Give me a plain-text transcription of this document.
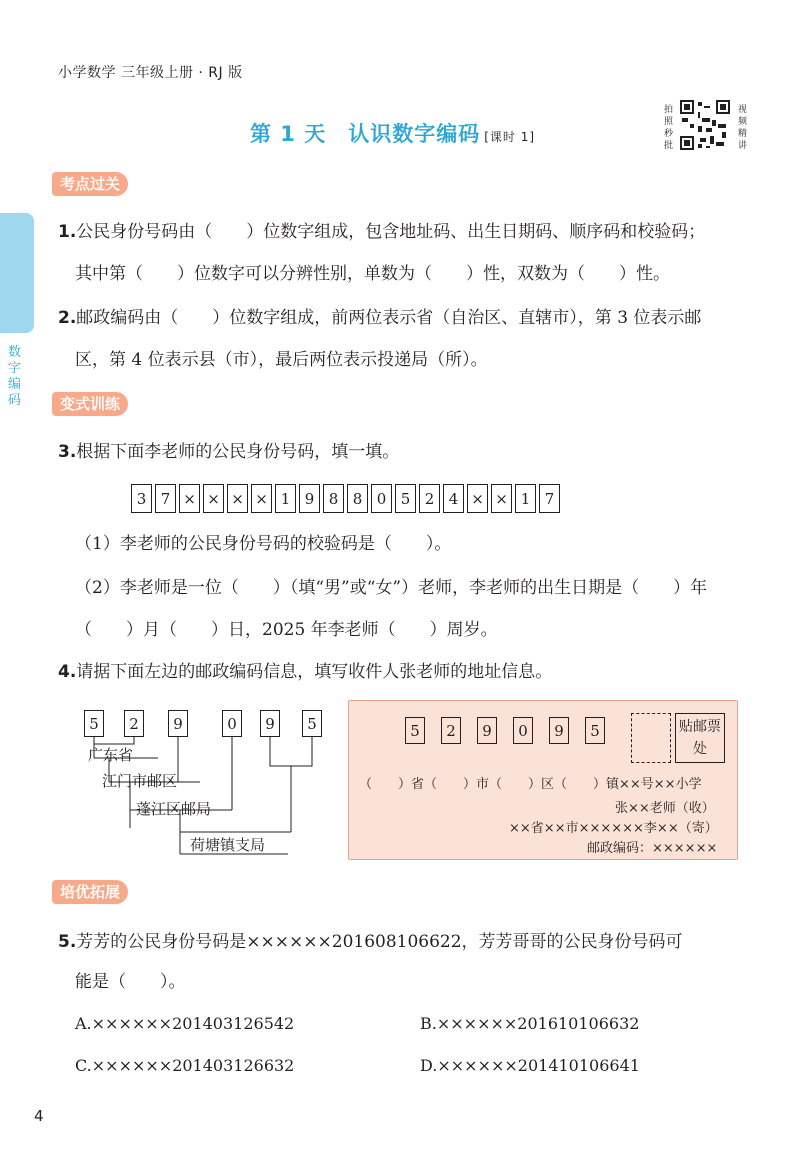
小学数学 三年级上册 · RJ 版
第 1 天　认识数字编码 [课时 1]
拍照秒批
视频精讲
数字编码
考点过关
1.公民身份号码由（　　）位数字组成，包含地址码、出生日期码、顺序码和校验码；
其中第（　　）位数字可以分辨性别，单数为（　　）性，双数为（　　）性。
2.邮政编码由（　　）位数字组成，前两位表示省（自治区、直辖市），第 3 位表示邮
区，第 4 位表示县（市），最后两位表示投递局（所）。
变式训练
3.根据下面李老师的公民身份号码，填一填。
3 7 × × × × 1 9 8 8 0 5 2 4 × × 1 7
（1）李老师的公民身份号码的校验码是（　　）。
（2）李老师是一位（　　）（填“男”或“女”）老师，李老师的出生日期是（　　）年
（　　）月（　　）日，2025 年李老师（　　）周岁。
4.请据下面左边的邮政编码信息，填写收件人张老师的地址信息。
5	2	9	0	9	5
广东省
江门市邮区
蓬江区邮局
荷塘镇支局
5	2	9	0	9	5	贴邮票处
（　　）省（　　）市（　　）区（　　）镇××号××小学
张××老师（收）
××省××市××××××李××（寄）
邮政编码：××××××
培优拓展
5.芳芳的公民身份号码是××××××201608106622，芳芳哥哥的公民身份号码可
能是（　　）。
A.××××××201403126542	B.××××××201610106632
C.××××××201403126632	D.××××××201410106641
4
